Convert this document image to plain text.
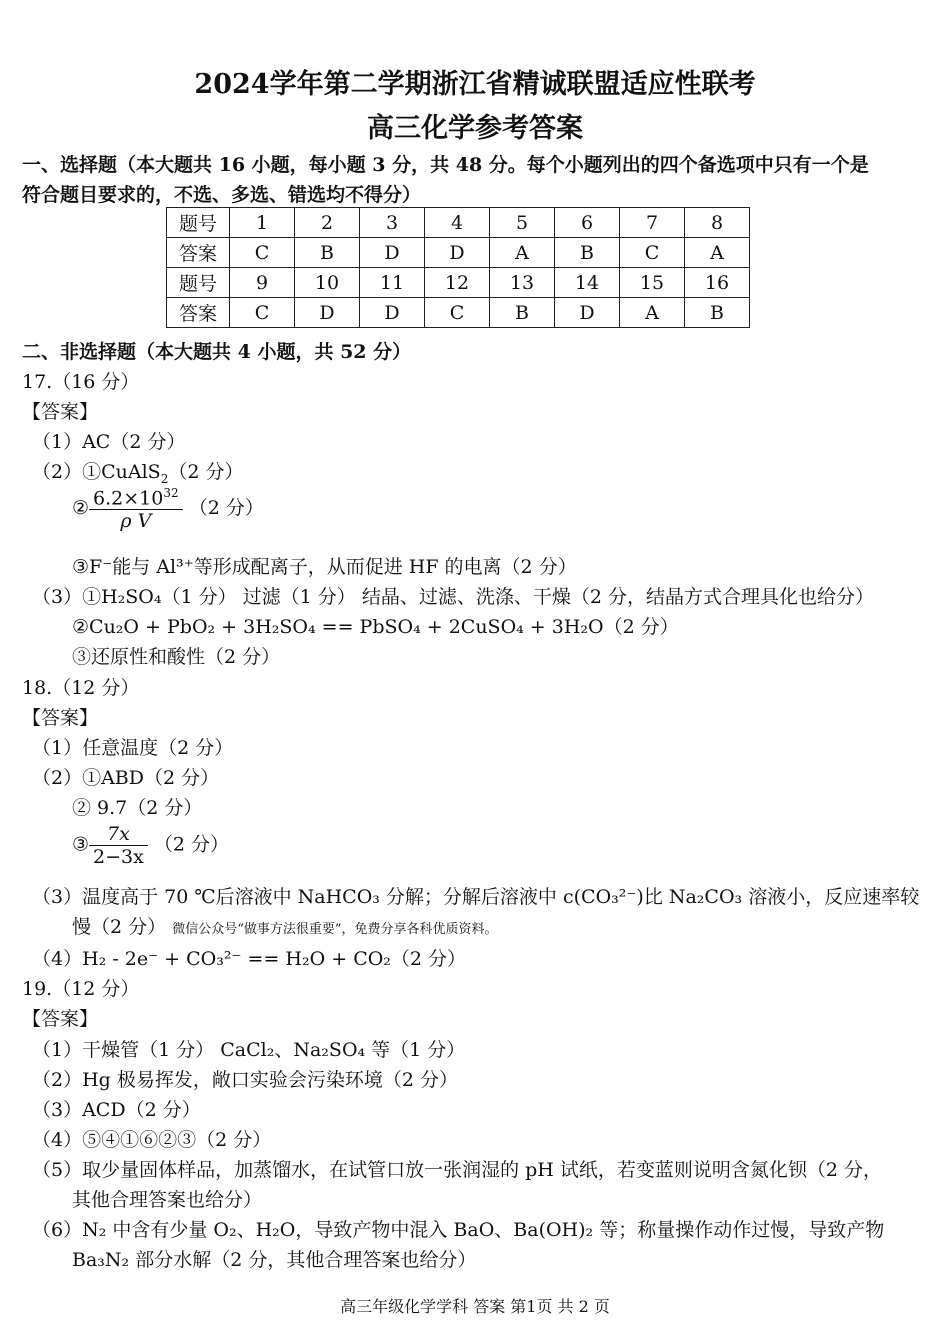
2024学年第二学期浙江省精诚联盟适应性联考
高三化学参考答案
一、选择题（本大题共 16 小题，每小题 3 分，共 48 分。每个小题列出的四个备选项中只有一个是
符合题目要求的，不选、多选、错选均不得分）
题号	1	2	3	4	5	6	7	8
答案	C	B	D	D	A	B	C	A
题号	9	10	11	12	13	14	15	16
答案	C	D	D	C	B	D	A	B
二、非选择题（本大题共 4 小题，共 52 分）
17.（16 分）
【答案】
（1）AC（2 分）
（2）①CuAlS$_2$（2 分）
② $\frac{6.2\times 10^{32}}{\text{ρ V}} (2$ 分）
③F⁻能与 Al³⁺等形成配离子，从而促进 HF 的电离（2 分）
（3）①H₂SO₄（1 分） 过滤（1 分） 结晶、过滤、洗涤、干燥（2 分，结晶方式合理具化也给分）
②Cu₂O + PbO₂ + 3H₂SO₄ == PbSO₄ + 2CuSO₄ + 3H₂O（2 分）
③还原性和酸性（2 分）
18.（12 分）
【答案】
（1）任意温度（2 分）
（2）①ABD（2 分）
② 9.7（2 分）
③ $\frac{7x}{2-3x} (2$ 分）
（3）温度高于 70 ℃后溶液中 NaHCO₃ 分解；分解后溶液中 c(CO₃²⁻)比 Na₂CO₃ 溶液小，反应速率较
慢（2 分） 微信公众号“做事方法很重要”，免费分享各科优质资料。
（4）H₂ - 2e⁻ + CO₃²⁻ == H₂O + CO₂（2 分）
19.（12 分）
【答案】
（1）干燥管（1 分） CaCl₂、Na₂SO₄ 等（1 分）
（2）Hg 极易挥发，敞口实验会污染环境（2 分）
（3）ACD（2 分）
（4）⑤④①⑥②③（2 分）
（5）取少量固体样品，加蒸馏水，在试管口放一张润湿的 pH 试纸，若变蓝则说明含氮化钡（2 分，
其他合理答案也给分）
（6）N₂ 中含有少量 O₂、H₂O，导致产物中混入 BaO、Ba(OH)₂ 等；称量操作动作过慢，导致产物
Ba₃N₂ 部分水解（2 分，其他合理答案也给分）
高三年级化学学科 答案 第1页 共 2 页
